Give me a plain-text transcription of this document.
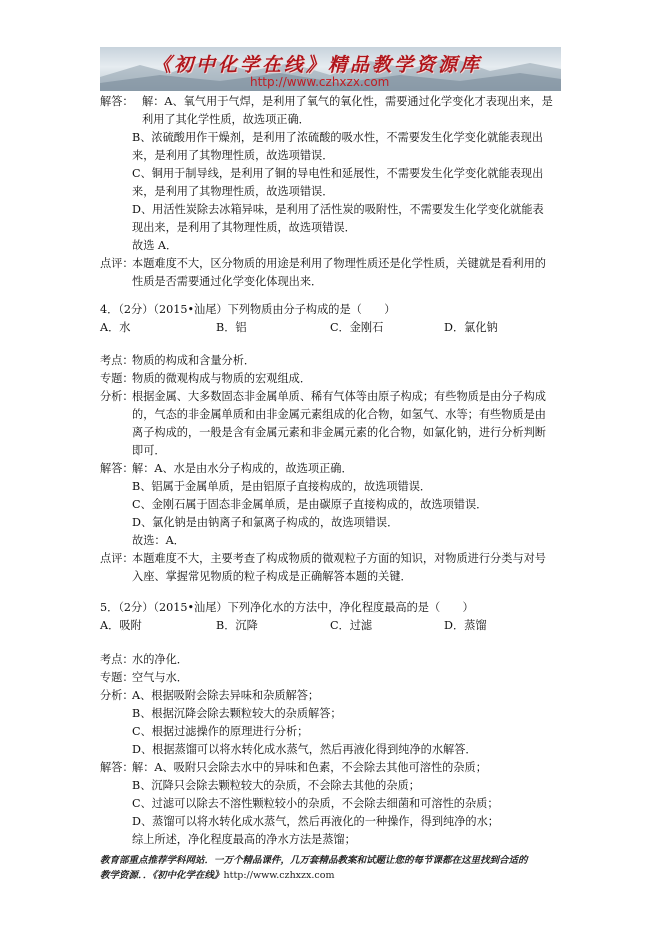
《初中化学在线》精品教学资源库
http://www.czhxzx.com
解答： 解：A、氧气用于气焊，是利用了氧气的氧化性，需要通过化学变化才表现出来，是
利用了其化学性质，故选项正确．
B、浓硫酸用作干燥剂，是利用了浓硫酸的吸水性，不需要发生化学变化就能表现出
来，是利用了其物理性质，故选项错误．
C、铜用于制导线，是利用了铜的导电性和延展性，不需要发生化学变化就能表现出
来，是利用了其物理性质，故选项错误．
D、用活性炭除去冰箱异味，是利用了活性炭的吸附性，不需要发生化学变化就能表
现出来，是利用了其物理性质，故选项错误．
故选 A．
点评：
本题难度不大，区分物质的用途是利用了物理性质还是化学性质，关键就是看利用的
性质是否需要通过化学变化体现出来．
4．（2分）（2015•汕尾）下列物质由分子构成的是（　　）
A．水	B．铝	C．金刚石	D．氯化钠
考点：
物质的构成和含量分析．
专题：
物质的微观构成与物质的宏观组成．
分析：
根据金属、大多数固态非金属单质、稀有气体等由原子构成；有些物质是由分子构成
的，气态的非金属单质和由非金属元素组成的化合物，如氢气、水等；有些物质是由
离子构成的，一般是含有金属元素和非金属元素的化合物，如氯化钠，进行分析判断
即可．
解答：
解：A、水是由水分子构成的，故选项正确．
B、铝属于金属单质，是由铝原子直接构成的，故选项错误．
C、金刚石属于固态非金属单质，是由碳原子直接构成的，故选项错误．
D、氯化钠是由钠离子和氯离子构成的，故选项错误．
故选：A．
点评：
本题难度不大，主要考查了构成物质的微观粒子方面的知识，对物质进行分类与对号
入座、掌握常见物质的粒子构成是正确解答本题的关键．
5．（2分）（2015•汕尾）下列净化水的方法中，净化程度最高的是（　　）
A．吸附	B．沉降	C．过滤	D．蒸馏
考点：
水的净化．
专题：
空气与水．
分析：
A、根据吸附会除去异味和杂质解答；
B、根据沉降会除去颗粒较大的杂质解答；
C、根据过滤操作的原理进行分析；
D、根据蒸馏可以将水转化成水蒸气，然后再液化得到纯净的水解答．
解答：
解：A、吸附只会除去水中的异味和色素，不会除去其他可溶性的杂质；
B、沉降只会除去颗粒较大的杂质，不会除去其他的杂质；
C、过滤可以除去不溶性颗粒较小的杂质，不会除去细菌和可溶性的杂质；
D、蒸馏可以将水转化成水蒸气，然后再液化的一种操作，得到纯净的水；
综上所述，净化程度最高的净水方法是蒸馏；
教育部重点推荐学科网站．一万个精品课件，几万套精品教案和试题让您的每节课都在这里找到合适的
教学资源．．《初中化学在线》http://www.czhxzx.com
